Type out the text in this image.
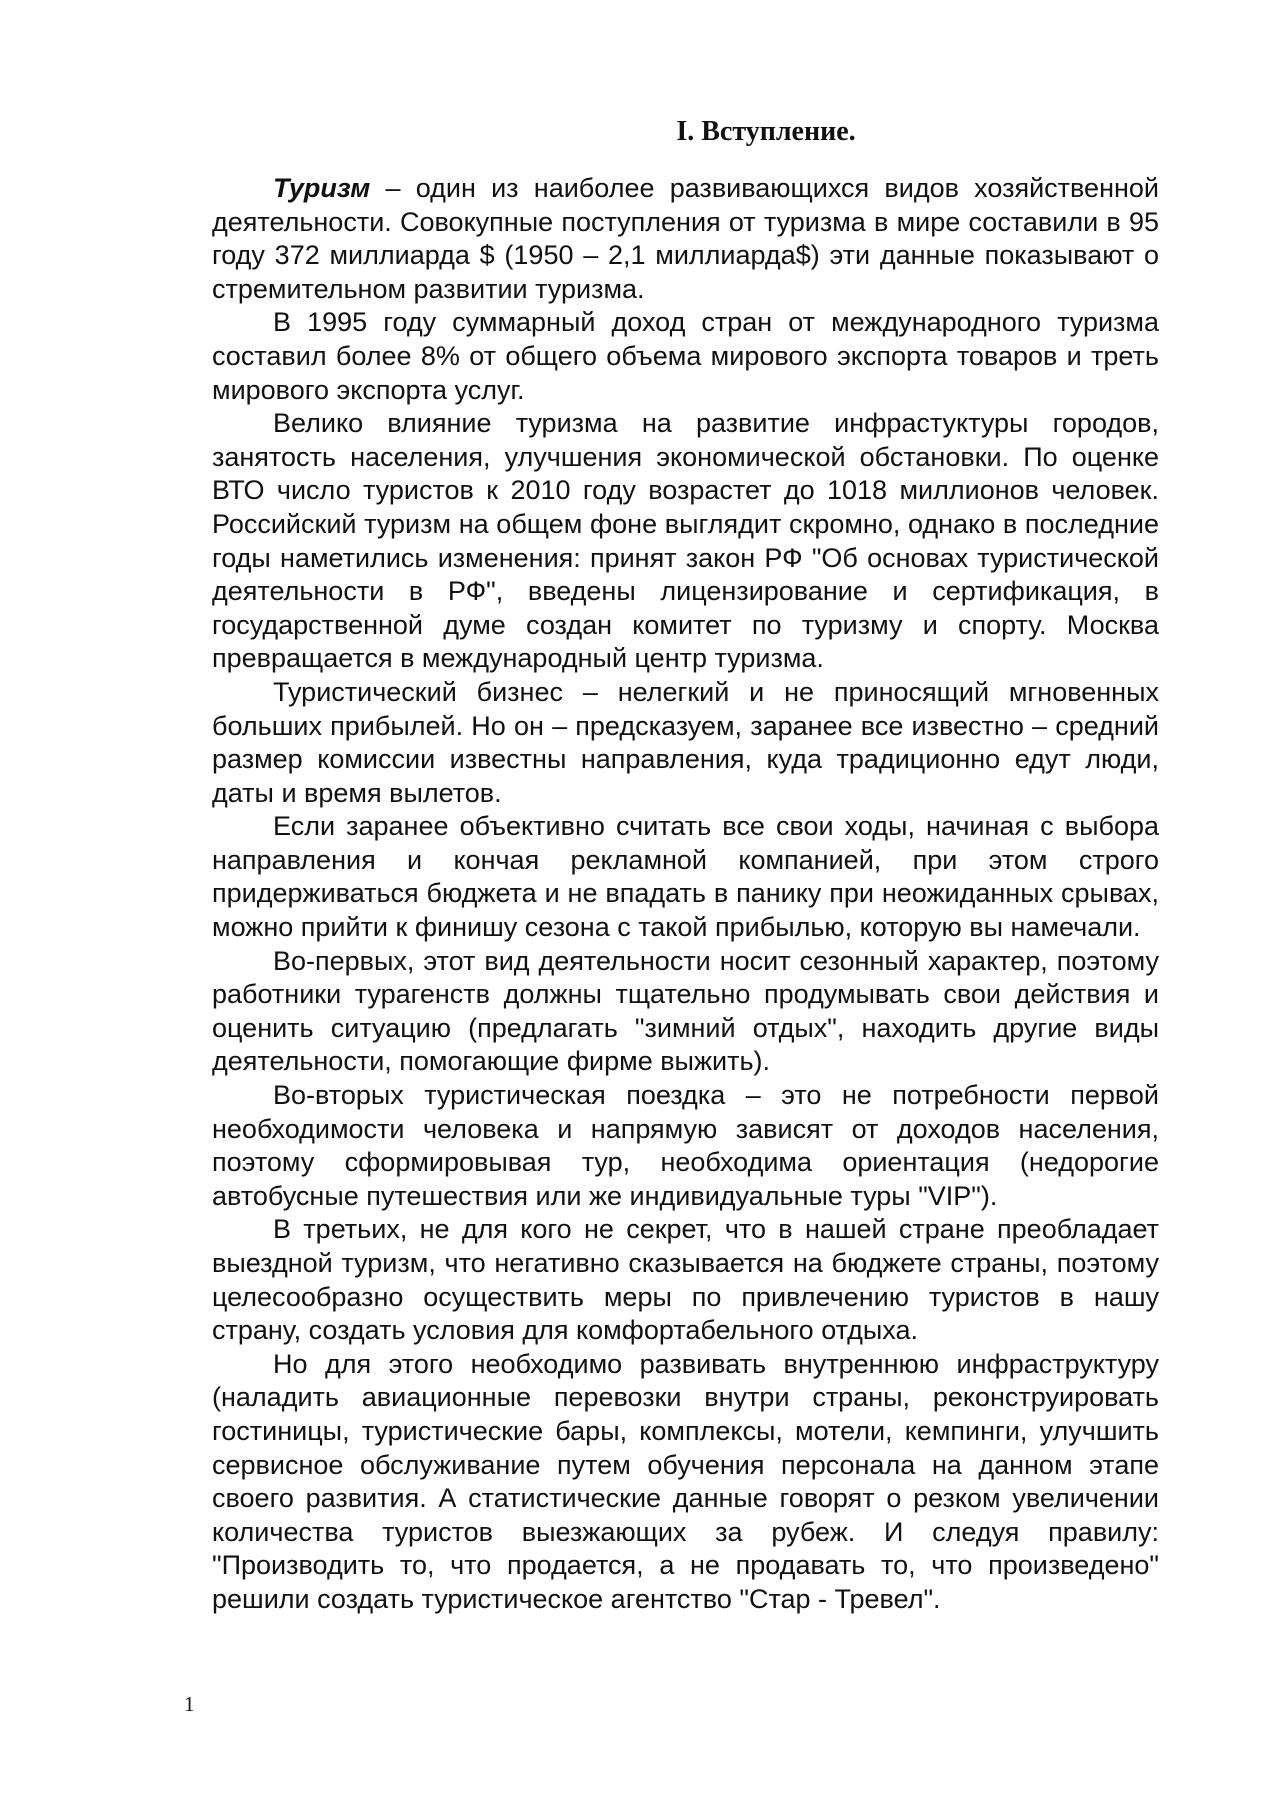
I. Вступление.

Туризм – один из наиболее развивающихся видов хозяйственной деятельности. Совокупные поступления от туризма в мире составили в 95 году 372 миллиарда $ (1950 – 2,1 миллиарда$) эти данные показывают о стремительном развитии туризма.

В 1995 году суммарный доход стран от международного туризма составил более 8% от общего объема мирового экспорта товаров и треть мирового экспорта услуг.

Велико влияние туризма на развитие инфрастуктуры городов, занятость населения, улучшения экономической обстановки. По оценке ВТО число туристов к 2010 году возрастет до 1018 миллионов человек. Российский туризм на общем фоне выглядит скромно, однако в последние годы наметились изменения: принят закон РФ "Об основах туристической деятельности в РФ", введены лицензирование и сертификация, в государственной думе создан комитет по туризму и спорту. Москва превращается в международный центр туризма.

Туристический бизнес – нелегкий и не приносящий мгновенных больших прибылей. Но он – предсказуем, заранее все известно – средний размер комиссии известны направления, куда традиционно едут люди, даты и время вылетов.

Если заранее объективно считать все свои ходы, начиная с выбора направления и кончая рекламной компанией, при этом строго придерживаться бюджета и не впадать в панику при неожиданных срывах, можно прийти к финишу сезона с такой прибылью, которую вы намечали.

Во-первых, этот вид деятельности носит сезонный характер, поэтому работники турагенств должны тщательно продумывать свои действия и оценить ситуацию (предлагать "зимний отдых", находить другие виды деятельности, помогающие фирме выжить).

Во-вторых туристическая поездка – это не потребности первой необходимости человека и напрямую зависят от доходов населения, поэтому сформировывая тур, необходима ориентация (недорогие автобусные путешествия или же индивидуальные туры "VIP").

В третьих, не для кого не секрет, что в нашей стране преобладает выездной туризм, что негативно сказывается на бюджете страны, поэтому целесообразно осуществить меры по привлечению туристов в нашу страну, создать условия для комфортабельного отдыха.

Но для этого необходимо развивать внутреннюю инфраструктуру (наладить авиационные перевозки внутри страны, реконструировать гостиницы, туристические бары, комплексы, мотели, кемпинги, улучшить сервисное обслуживание путем обучения персонала на данном этапе своего развития. А статистические данные говорят о резком увеличении количества туристов выезжающих за рубеж. И следуя правилу: "Производить то, что продается, а не продавать то, что произведено" решили создать туристическое агентство "Стар - Тревел".

1
